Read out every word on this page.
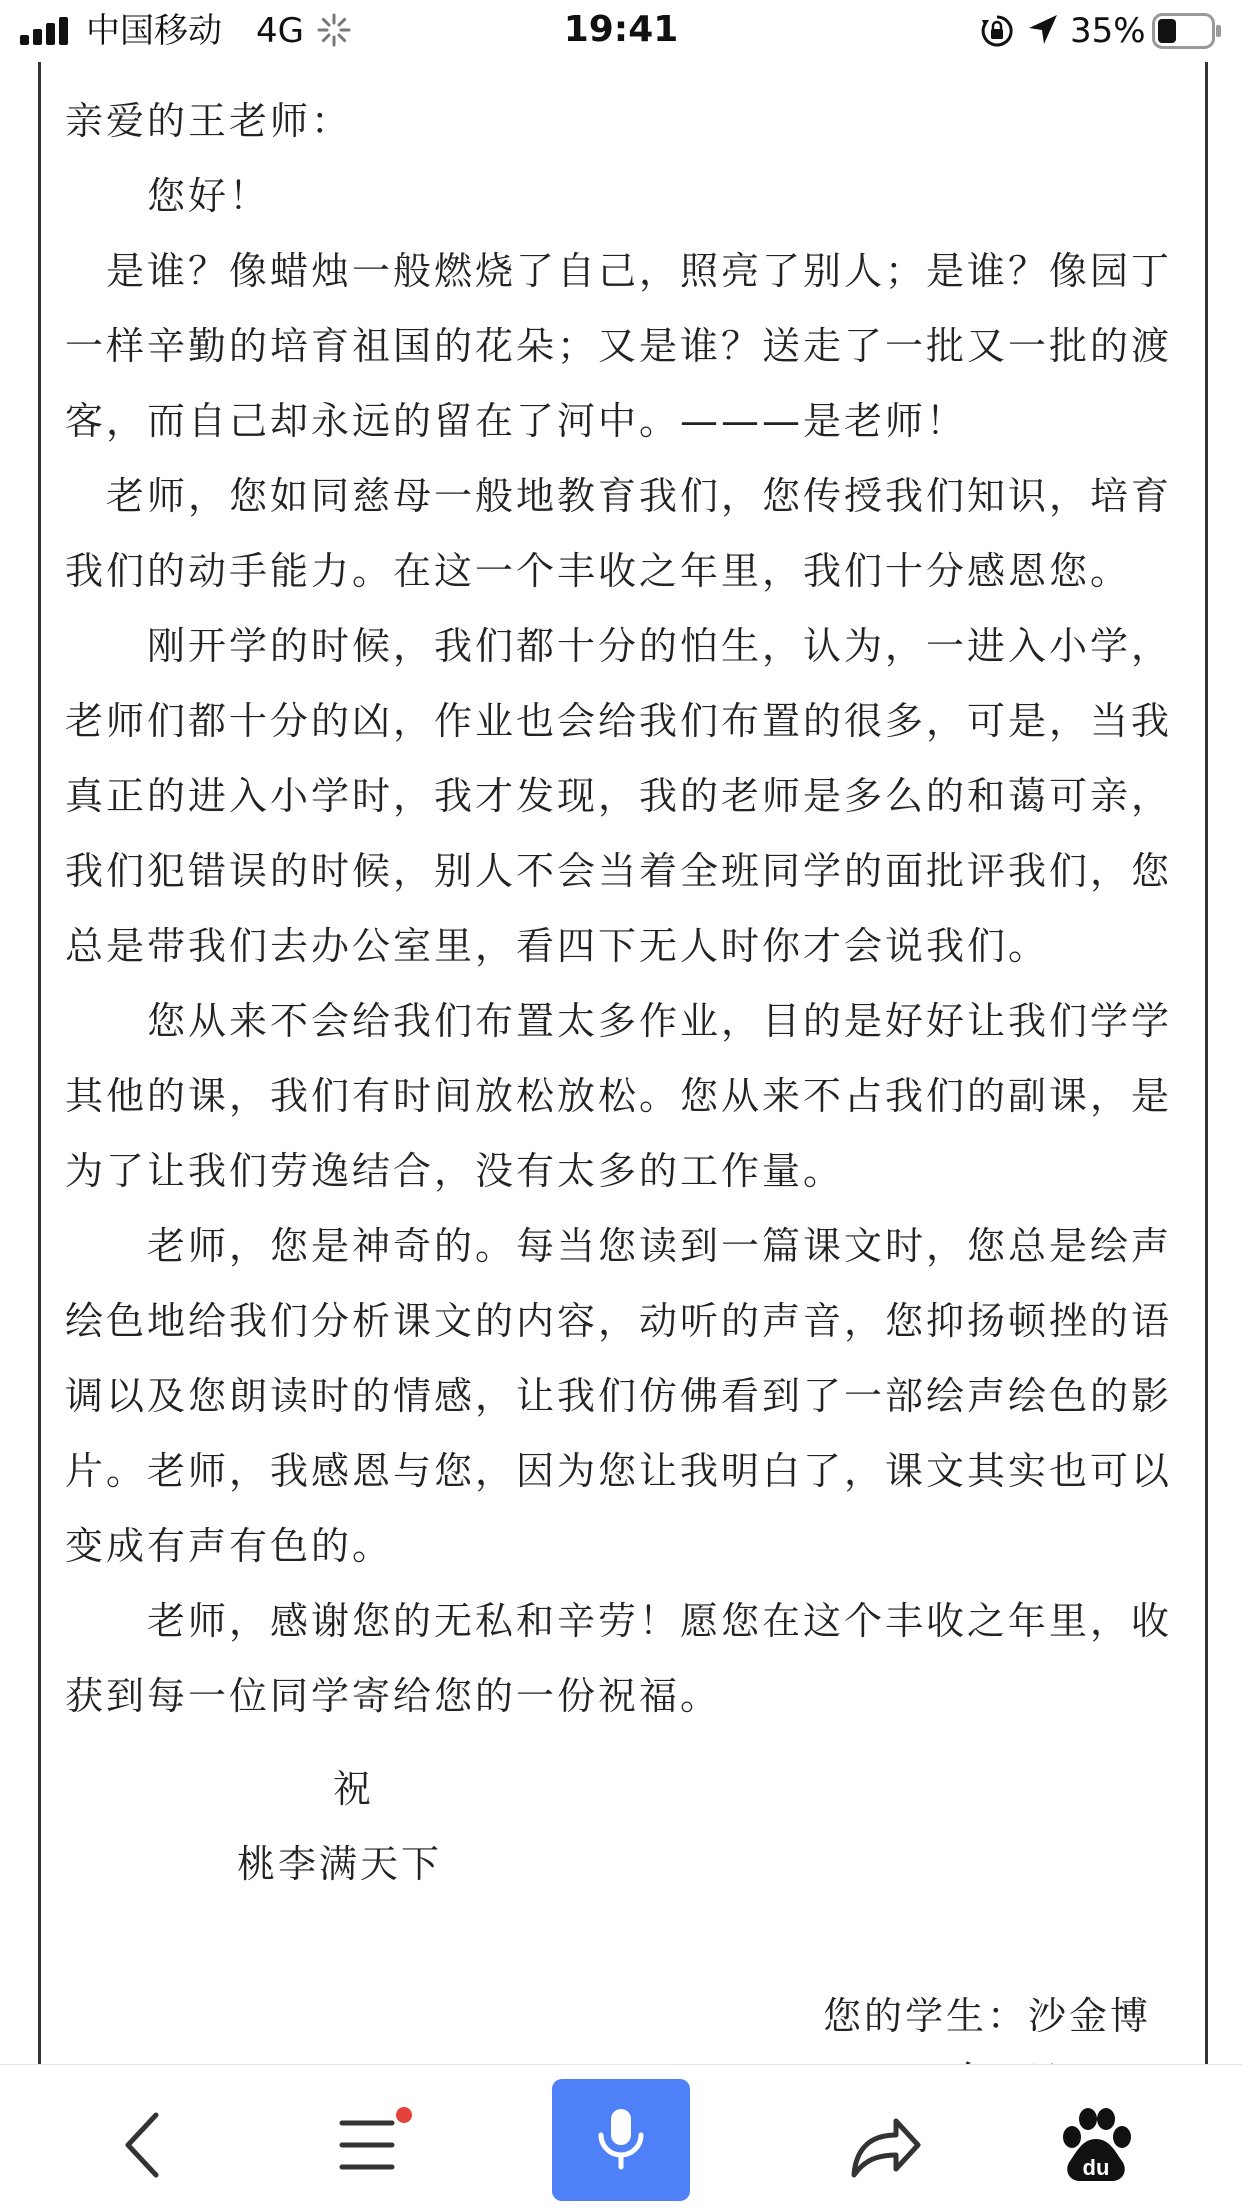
中国移动 4G	19:41	35%
亲爱的王老师：
　　您好！
　是谁？像蜡烛一般燃烧了自己，照亮了别人；是谁？像园丁
一样辛勤的培育祖国的花朵；又是谁？送走了一批又一批的渡
客，而自己却永远的留在了河中。———是老师！
　老师，您如同慈母一般地教育我们，您传授我们知识，培育
我们的动手能力。在这一个丰收之年里，我们十分感恩您。
　　刚开学的时候，我们都十分的怕生，认为，一进入小学，
老师们都十分的凶，作业也会给我们布置的很多，可是，当我
真正的进入小学时，我才发现，我的老师是多么的和蔼可亲，
我们犯错误的时候，别人不会当着全班同学的面批评我们，您
总是带我们去办公室里，看四下无人时你才会说我们。
　　您从来不会给我们布置太多作业，目的是好好让我们学学
其他的课，我们有时间放松放松。您从来不占我们的副课，是
为了让我们劳逸结合，没有太多的工作量。
　　老师，您是神奇的。每当您读到一篇课文时，您总是绘声
绘色地给我们分析课文的内容，动听的声音，您抑扬顿挫的语
调以及您朗读时的情感，让我们仿佛看到了一部绘声绘色的影
片。老师，我感恩与您，因为您让我明白了，课文其实也可以
变成有声有色的。
　　老师，感谢您的无私和辛劳！愿您在这个丰收之年里，收
获到每一位同学寄给您的一份祝福。
祝
桃李满天下
您的学生：沙金博
du
